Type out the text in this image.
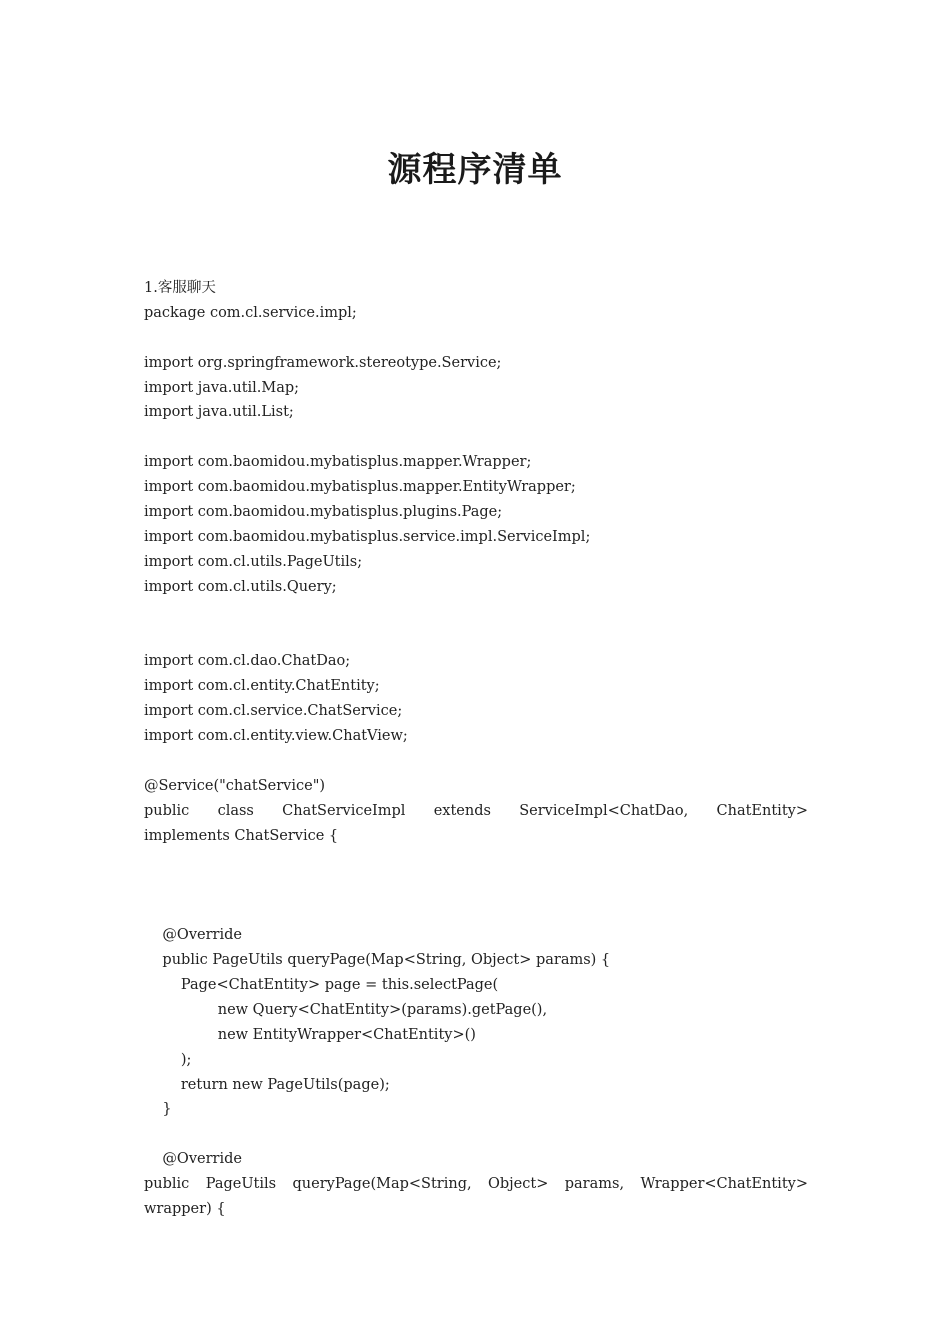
源程序清单
1.客服聊天
package com.cl.service.impl;
import org.springframework.stereotype.Service;
import java.util.Map;
import java.util.List;
import com.baomidou.mybatisplus.mapper.Wrapper;
import com.baomidou.mybatisplus.mapper.EntityWrapper;
import com.baomidou.mybatisplus.plugins.Page;
import com.baomidou.mybatisplus.service.impl.ServiceImpl;
import com.cl.utils.PageUtils;
import com.cl.utils.Query;
import com.cl.dao.ChatDao;
import com.cl.entity.ChatEntity;
import com.cl.service.ChatService;
import com.cl.entity.view.ChatView;
@Service("chatService")
public class ChatServiceImpl extends ServiceImpl<ChatDao, ChatEntity>
implements ChatService {
@Override
public PageUtils queryPage(Map<String, Object> params) {
Page<ChatEntity> page = this.selectPage(
new Query<ChatEntity>(params).getPage(),
new EntityWrapper<ChatEntity>()
);
return new PageUtils(page);
}
@Override
public PageUtils queryPage(Map<String, Object> params, Wrapper<ChatEntity>
wrapper) {
